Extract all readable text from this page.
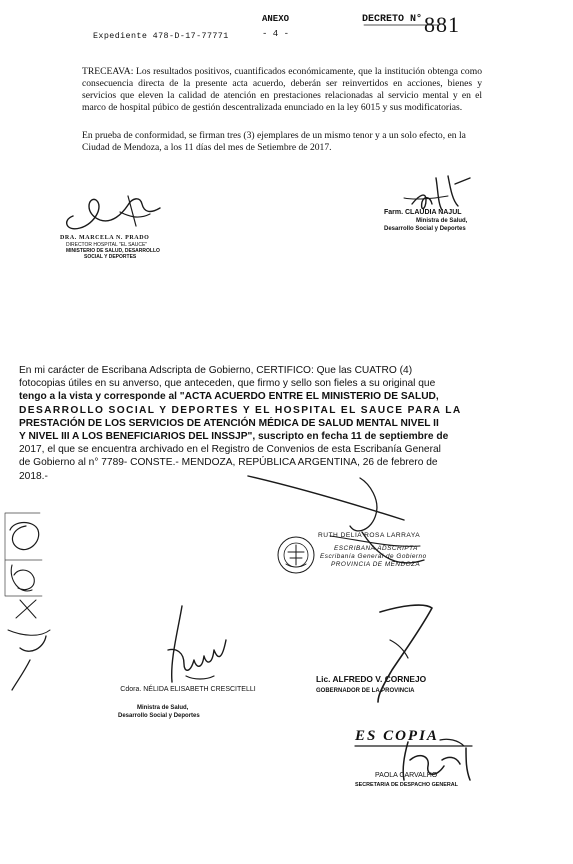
ANEXO
- 4 -
DECRETO N° 881
Expediente 478-D-17-77771

TRECEAVA: Los resultados positivos, cuantificados económicamente, que la institución obtenga como consecuencia directa de la presente acta acuerdo, deberán ser reinvertidos en acciones, bienes y servicios que eleven la calidad de atención en prestaciones relacionadas al servicio mental y en el marco de hospital púbico de gestión descentralizada enunciado en la ley 6015 y sus modificatorias.

En prueba de conformidad, se firman tres (3) ejemplares de un mismo tenor y a un solo efecto, en la Ciudad de Mendoza, a los 11 días del mes de Setiembre de 2017.

DRA. MARCELA N. PRADO
DIRECTOR HOSPITAL "EL SAUCE"
MINISTERIO DE SALUD, DESARROLLO
SOCIAL Y DEPORTES
Farm. CLAUDIA NAJUL
Ministra de Salud,
Desarrollo Social y Deportes
En mi carácter de Escribana Adscripta de Gobierno, CERTIFICO: Que las CUATRO (4)
fotocopias útiles en su anverso, que anteceden, que firmo y sello son fieles a su original que
tengo a la vista y corresponde al "ACTA ACUERDO ENTRE EL MINISTERIO DE SALUD,
DESARROLLO SOCIAL Y DEPORTES Y EL HOSPITAL EL SAUCE PARA LA
PRESTACIÓN DE LOS SERVICIOS DE ATENCIÓN MÉDICA DE SALUD MENTAL NIVEL II
Y NIVEL III A LOS BENEFICIARIOS DEL INSSJP", suscripto en fecha 11 de septiembre de
2017, el que se encuentra archivado en el Registro de Convenios de esta Escribanía General
de Gobierno al n° 7789- CONSTE.- MENDOZA, REPÚBLICA ARGENTINA, 26 de febrero de
2018.-
RUTH DELIA ROSA LARRAYA
ESCRIBANA ADSCRIPTA
Escribanía General de Gobierno
PROVINCIA DE MENDOZA
Cdora. NÉLIDA ELISABETH CRESCITELLI
Ministra de Salud,
Desarrollo Social y Deportes
Lic. ALFREDO V. CORNEJO
GOBERNADOR DE LA PROVINCIA
ES COPIA
PAOLA CARVALHO
SECRETARIA DE DESPACHO GENERAL
